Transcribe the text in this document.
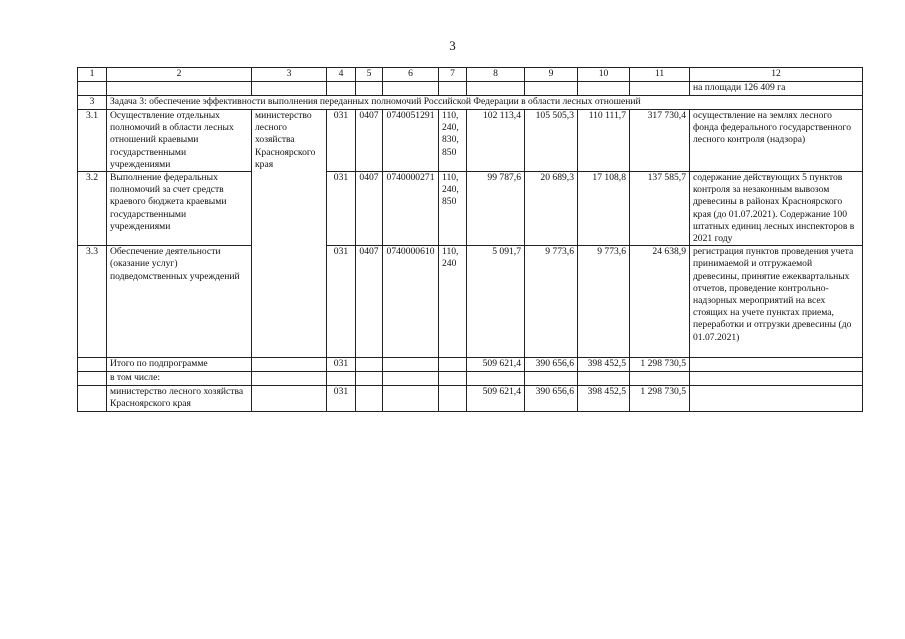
3
1	2	3	4	5	6	7	8	9	10	11	12
											на площади 126 409 га
3	Задача 3: обеспечение эффективности выполнения переданных полномочий Российской Федерации в области лесных отношений										
3.1	Осуществление отдельных полномочий в области лесных отношений краевыми государственными учреждениями	министерство лесного хозяйства Красноярского края	031	0407	0740051291	110, 240, 830, 850	102 113,4	105 505,3	110 111,7	317 730,4	осуществление на землях лесного фонда федерального государственного лесного контроля (надзора)
3.2	Выполнение федеральных полномочий за счет средств краевого бюджета краевыми государственными учреждениями		031	0407	0740000271	110, 240, 850	99 787,6	20 689,3	17 108,8	137 585,7	содержание действующих 5 пунктов контроля за незаконным вывозом древесины в районах Красноярского края (до 01.07.2021). Содержание 100 штатных единиц лесных инспекторов в 2021 году
3.3	Обеспечение деятельности (оказание услуг) подведомственных учреждений		031	0407	0740000610	110, 240	5 091,7	9 773,6	9 773,6	24 638,9	регистрация пунктов проведения учета принимаемой и отгружаемой древесины, принятие ежеквартальных отчетов, проведение контрольно-надзорных мероприятий на всех стоящих на учете пунктах приема, переработки и отгрузки древесины (до 01.07.2021)
	Итого по подпрограмме		031				509 621,4	390 656,6	398 452,5	1 298 730,5	
	в том числе:										
	министерство лесного хозяйства Красноярского края		031				509 621,4	390 656,6	398 452,5	1 298 730,5	
